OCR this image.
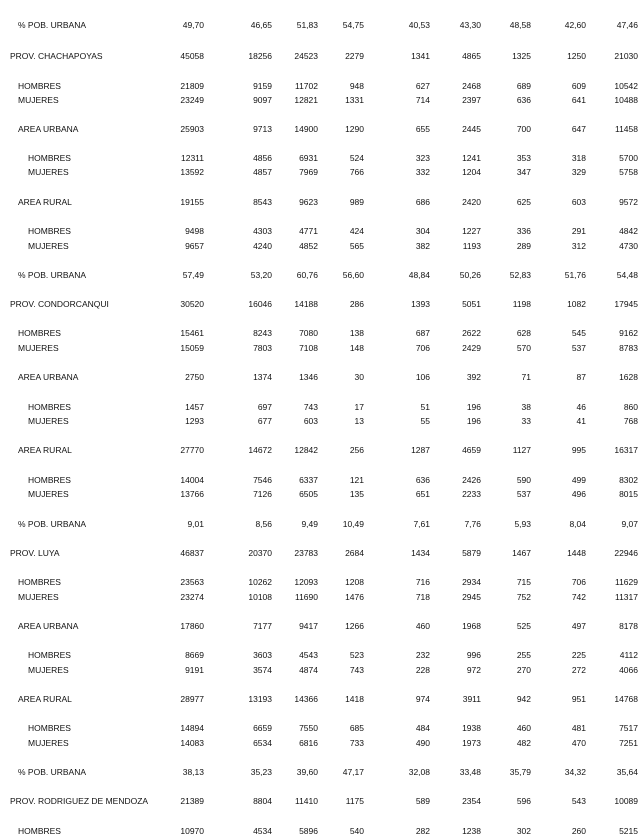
% POB. URBANA	49,70	46,65	51,83	54,75	40,53	43,30	48,58	42,60	47,46
PROV. CHACHAPOYAS	45058	18256	24523	2279	1341	4865	1325	1250	21030
HOMBRES	21809	9159	11702	948	627	2468	689	609	10542
MUJERES	23249	9097	12821	1331	714	2397	636	641	10488
AREA URBANA	25903	9713	14900	1290	655	2445	700	647	11458
HOMBRES	12311	4856	6931	524	323	1241	353	318	5700
MUJERES	13592	4857	7969	766	332	1204	347	329	5758
AREA RURAL	19155	8543	9623	989	686	2420	625	603	9572
HOMBRES	9498	4303	4771	424	304	1227	336	291	4842
MUJERES	9657	4240	4852	565	382	1193	289	312	4730
% POB. URBANA	57,49	53,20	60,76	56,60	48,84	50,26	52,83	51,76	54,48
PROV. CONDORCANQUI	30520	16046	14188	286	1393	5051	1198	1082	17945
HOMBRES	15461	8243	7080	138	687	2622	628	545	9162
MUJERES	15059	7803	7108	148	706	2429	570	537	8783
AREA URBANA	2750	1374	1346	30	106	392	71	87	1628
HOMBRES	1457	697	743	17	51	196	38	46	860
MUJERES	1293	677	603	13	55	196	33	41	768
AREA RURAL	27770	14672	12842	256	1287	4659	1127	995	16317
HOMBRES	14004	7546	6337	121	636	2426	590	499	8302
MUJERES	13766	7126	6505	135	651	2233	537	496	8015
% POB. URBANA	9,01	8,56	9,49	10,49	7,61	7,76	5,93	8,04	9,07
PROV. LUYA	46837	20370	23783	2684	1434	5879	1467	1448	22946
HOMBRES	23563	10262	12093	1208	716	2934	715	706	11629
MUJERES	23274	10108	11690	1476	718	2945	752	742	11317
AREA URBANA	17860	7177	9417	1266	460	1968	525	497	8178
HOMBRES	8669	3603	4543	523	232	996	255	225	4112
MUJERES	9191	3574	4874	743	228	972	270	272	4066
AREA RURAL	28977	13193	14366	1418	974	3911	942	951	14768
HOMBRES	14894	6659	7550	685	484	1938	460	481	7517
MUJERES	14083	6534	6816	733	490	1973	482	470	7251
% POB. URBANA	38,13	35,23	39,60	47,17	32,08	33,48	35,79	34,32	35,64
PROV. RODRIGUEZ DE MENDOZA	21389	8804	11410	1175	589	2354	596	543	10089
HOMBRES	10970	4534	5896	540	282	1238	302	260	5215
